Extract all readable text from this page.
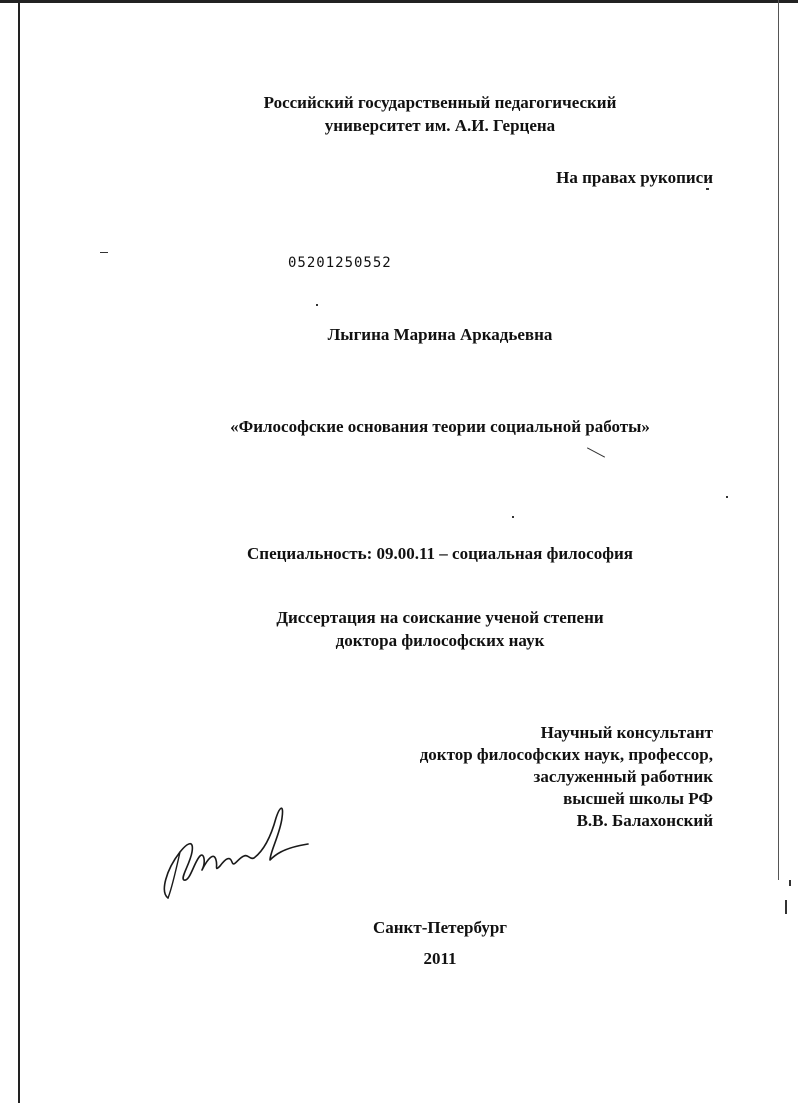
Российский государственный педагогический
университет им. А.И. Герцена
На правах рукописи
05201250552
Лыгина Марина Аркадьевна
«Философские основания теории социальной работы»
Специальность: 09.00.11 – социальная философия
Диссертация на соискание ученой степени
доктора философских наук
Научный консультант
доктор философских наук, профессор,
заслуженный работник
высшей школы РФ
В.В. Балахонский
Санкт-Петербург
2011
